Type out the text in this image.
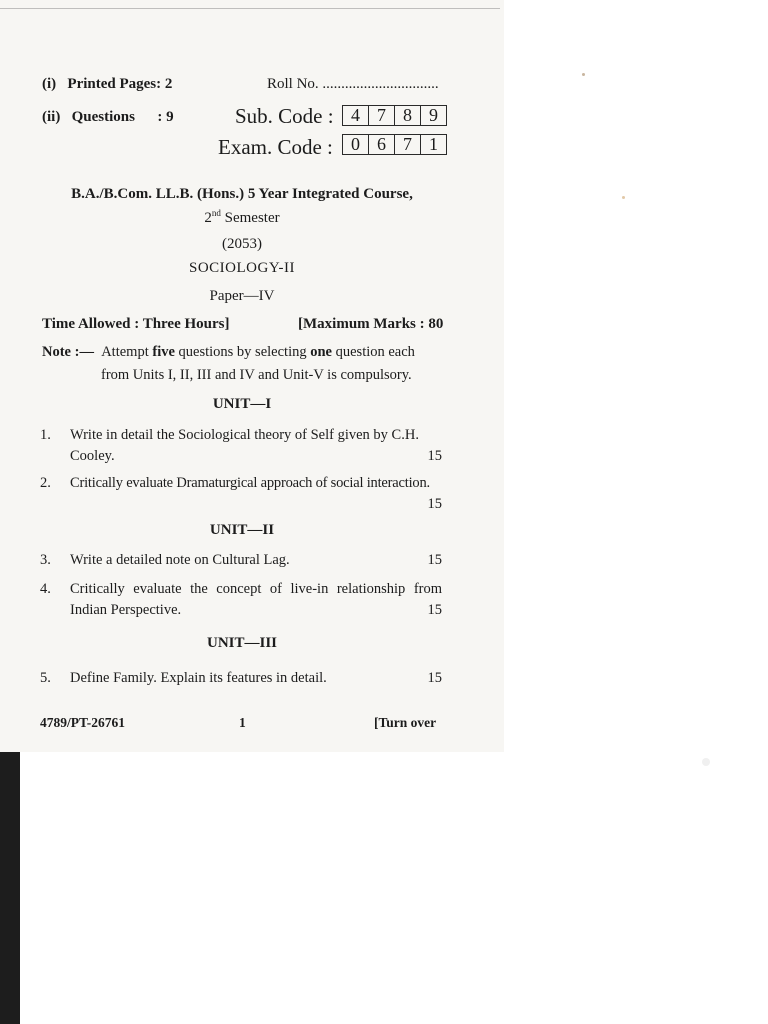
(i)   Printed Pages: 2	Roll No. ...............................
(ii)   Questions      : 9	Sub. Code : 4 7 8 9
Exam. Code :	0 6 7 1
B.A./B.Com. LL.B. (Hons.) 5 Year Integrated Course,
2nd Semester
(2053)
SOCIOLOGY-II
Paper—IV
Time Allowed : Three Hours]	[Maximum Marks : 80
Note :— Attempt five questions by selecting one question each
from Units I, II, III and IV and Unit-V is compulsory.
UNIT—I
1. Write in detail the Sociological theory of Self given by C.H. Cooley.	15
2. Critically evaluate Dramaturgical approach of social interaction.
15
UNIT—II
3. Write a detailed note on Cultural Lag.	15
4. Critically evaluate the concept of live-in relationship from Indian Perspective.	15
UNIT—III
5. Define Family. Explain its features in detail.	15
4789/PT-26761	1	[Turn over
